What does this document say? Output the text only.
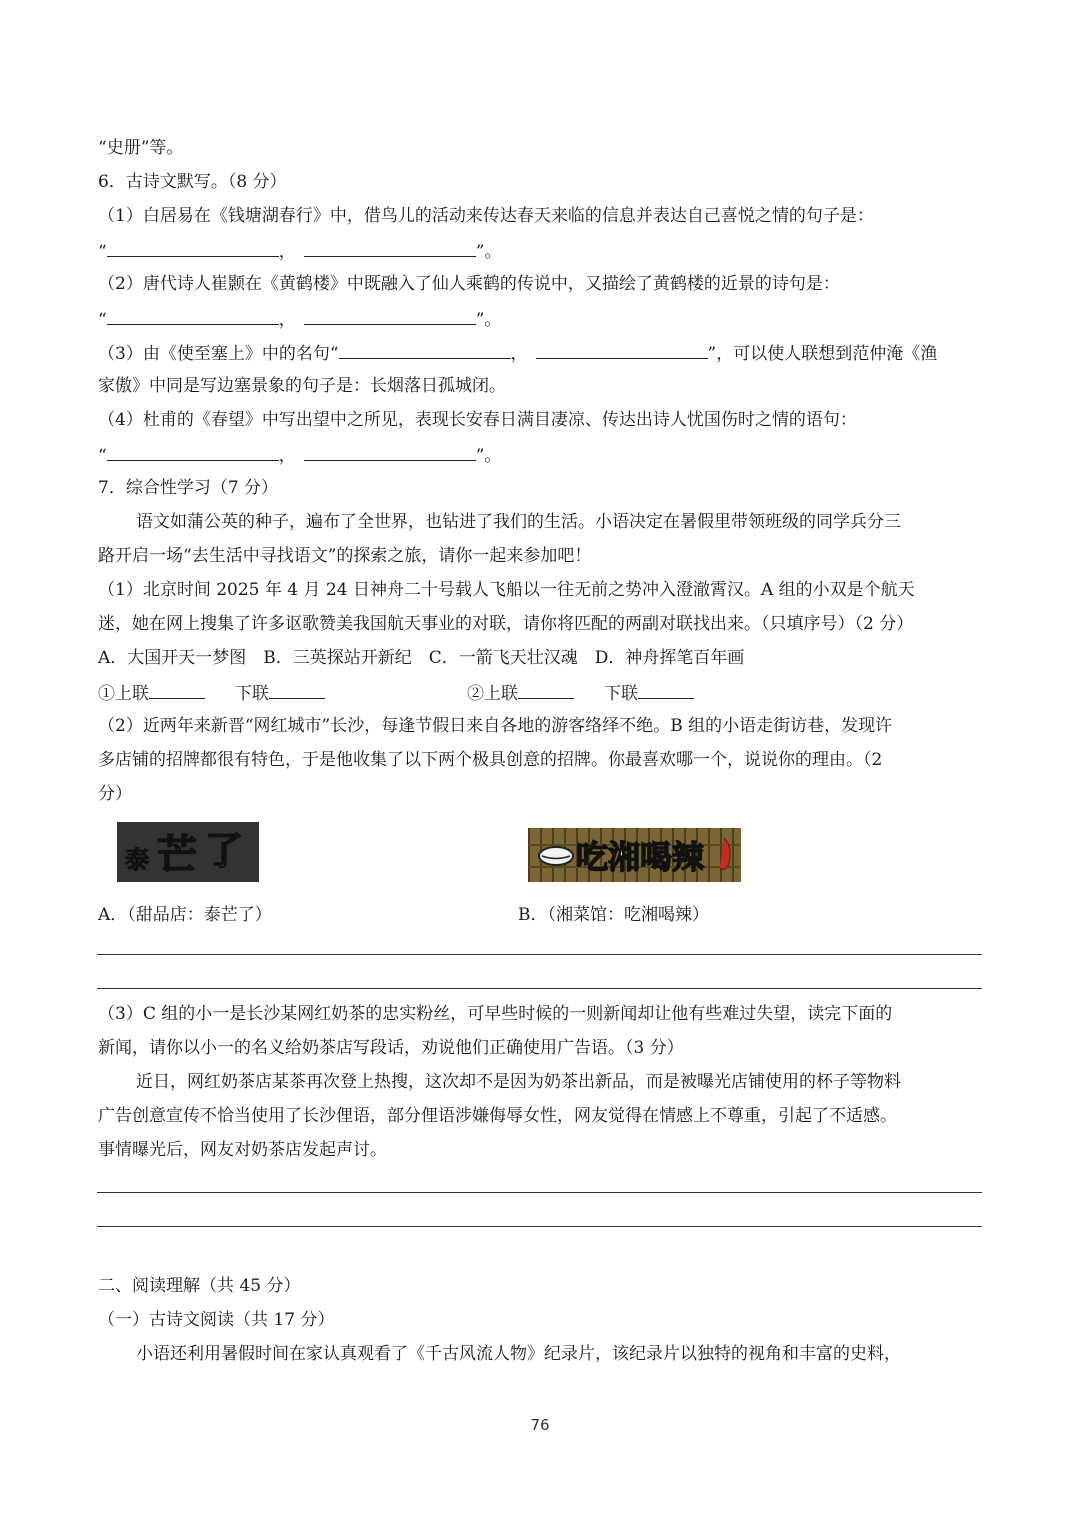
“史册”等。
6．古诗文默写。（8 分）
（1）白居易在《钱塘湖春行》中，借鸟儿的活动来传达春天来临的信息并表达自己喜悦之情的句子是：
“	，	”。
（2）唐代诗人崔颢在《黄鹤楼》中既融入了仙人乘鹤的传说中，又描绘了黄鹤楼的近景的诗句是：
“	，	”。
（3）由《使至塞上》中的名句“	，	”，可以使人联想到范仲淹《渔
家傲》中同是写边塞景象的句子是：长烟落日孤城闭。
（4）杜甫的《春望》中写出望中之所见，表现长安春日满目凄凉、传达出诗人忧国伤时之情的语句：
“	，	”。
7．综合性学习（7 分）
语文如蒲公英的种子，遍布了全世界，也钻进了我们的生活。小语决定在暑假里带领班级的同学兵分三
路开启一场“去生活中寻找语文”的探索之旅，请你一起来参加吧！
（1）北京时间 2025 年 4 月 24 日神舟二十号载人飞船以一往无前之势冲入澄澈霄汉。A 组的小双是个航天
迷，她在网上搜集了许多讴歌赞美我国航天事业的对联，请你将匹配的两副对联找出来。（只填序号）（2 分）
A．大国开天一梦图　B．三英探站开新纪　C．一箭飞天壮汉魂　D．神舟挥笔百年画
①上联	下联	②上联	下联
（2）近两年来新晋“网红城市”长沙，每逢节假日来自各地的游客络绎不绝。B 组的小语走街访巷，发现许
多店铺的招牌都很有特色，于是他收集了以下两个极具创意的招牌。你最喜欢哪一个，说说你的理由。（2
分）
泰 芒 了	吃湘喝辣
A．（甜品店：泰芒了）	B．（湘菜馆：吃湘喝辣）
（3）C 组的小一是长沙某网红奶茶的忠实粉丝，可早些时候的一则新闻却让他有些难过失望，读完下面的
新闻，请你以小一的名义给奶茶店写段话，劝说他们正确使用广告语。（3 分）
近日，网红奶茶店某茶再次登上热搜，这次却不是因为奶茶出新品，而是被曝光店铺使用的杯子等物料
广告创意宣传不恰当使用了长沙俚语，部分俚语涉嫌侮辱女性，网友觉得在情感上不尊重，引起了不适感。
事情曝光后，网友对奶茶店发起声讨。
二、阅读理解（共 45 分）
（一）古诗文阅读（共 17 分）
小语还利用暑假时间在家认真观看了《千古风流人物》纪录片，该纪录片以独特的视角和丰富的史料，
76
